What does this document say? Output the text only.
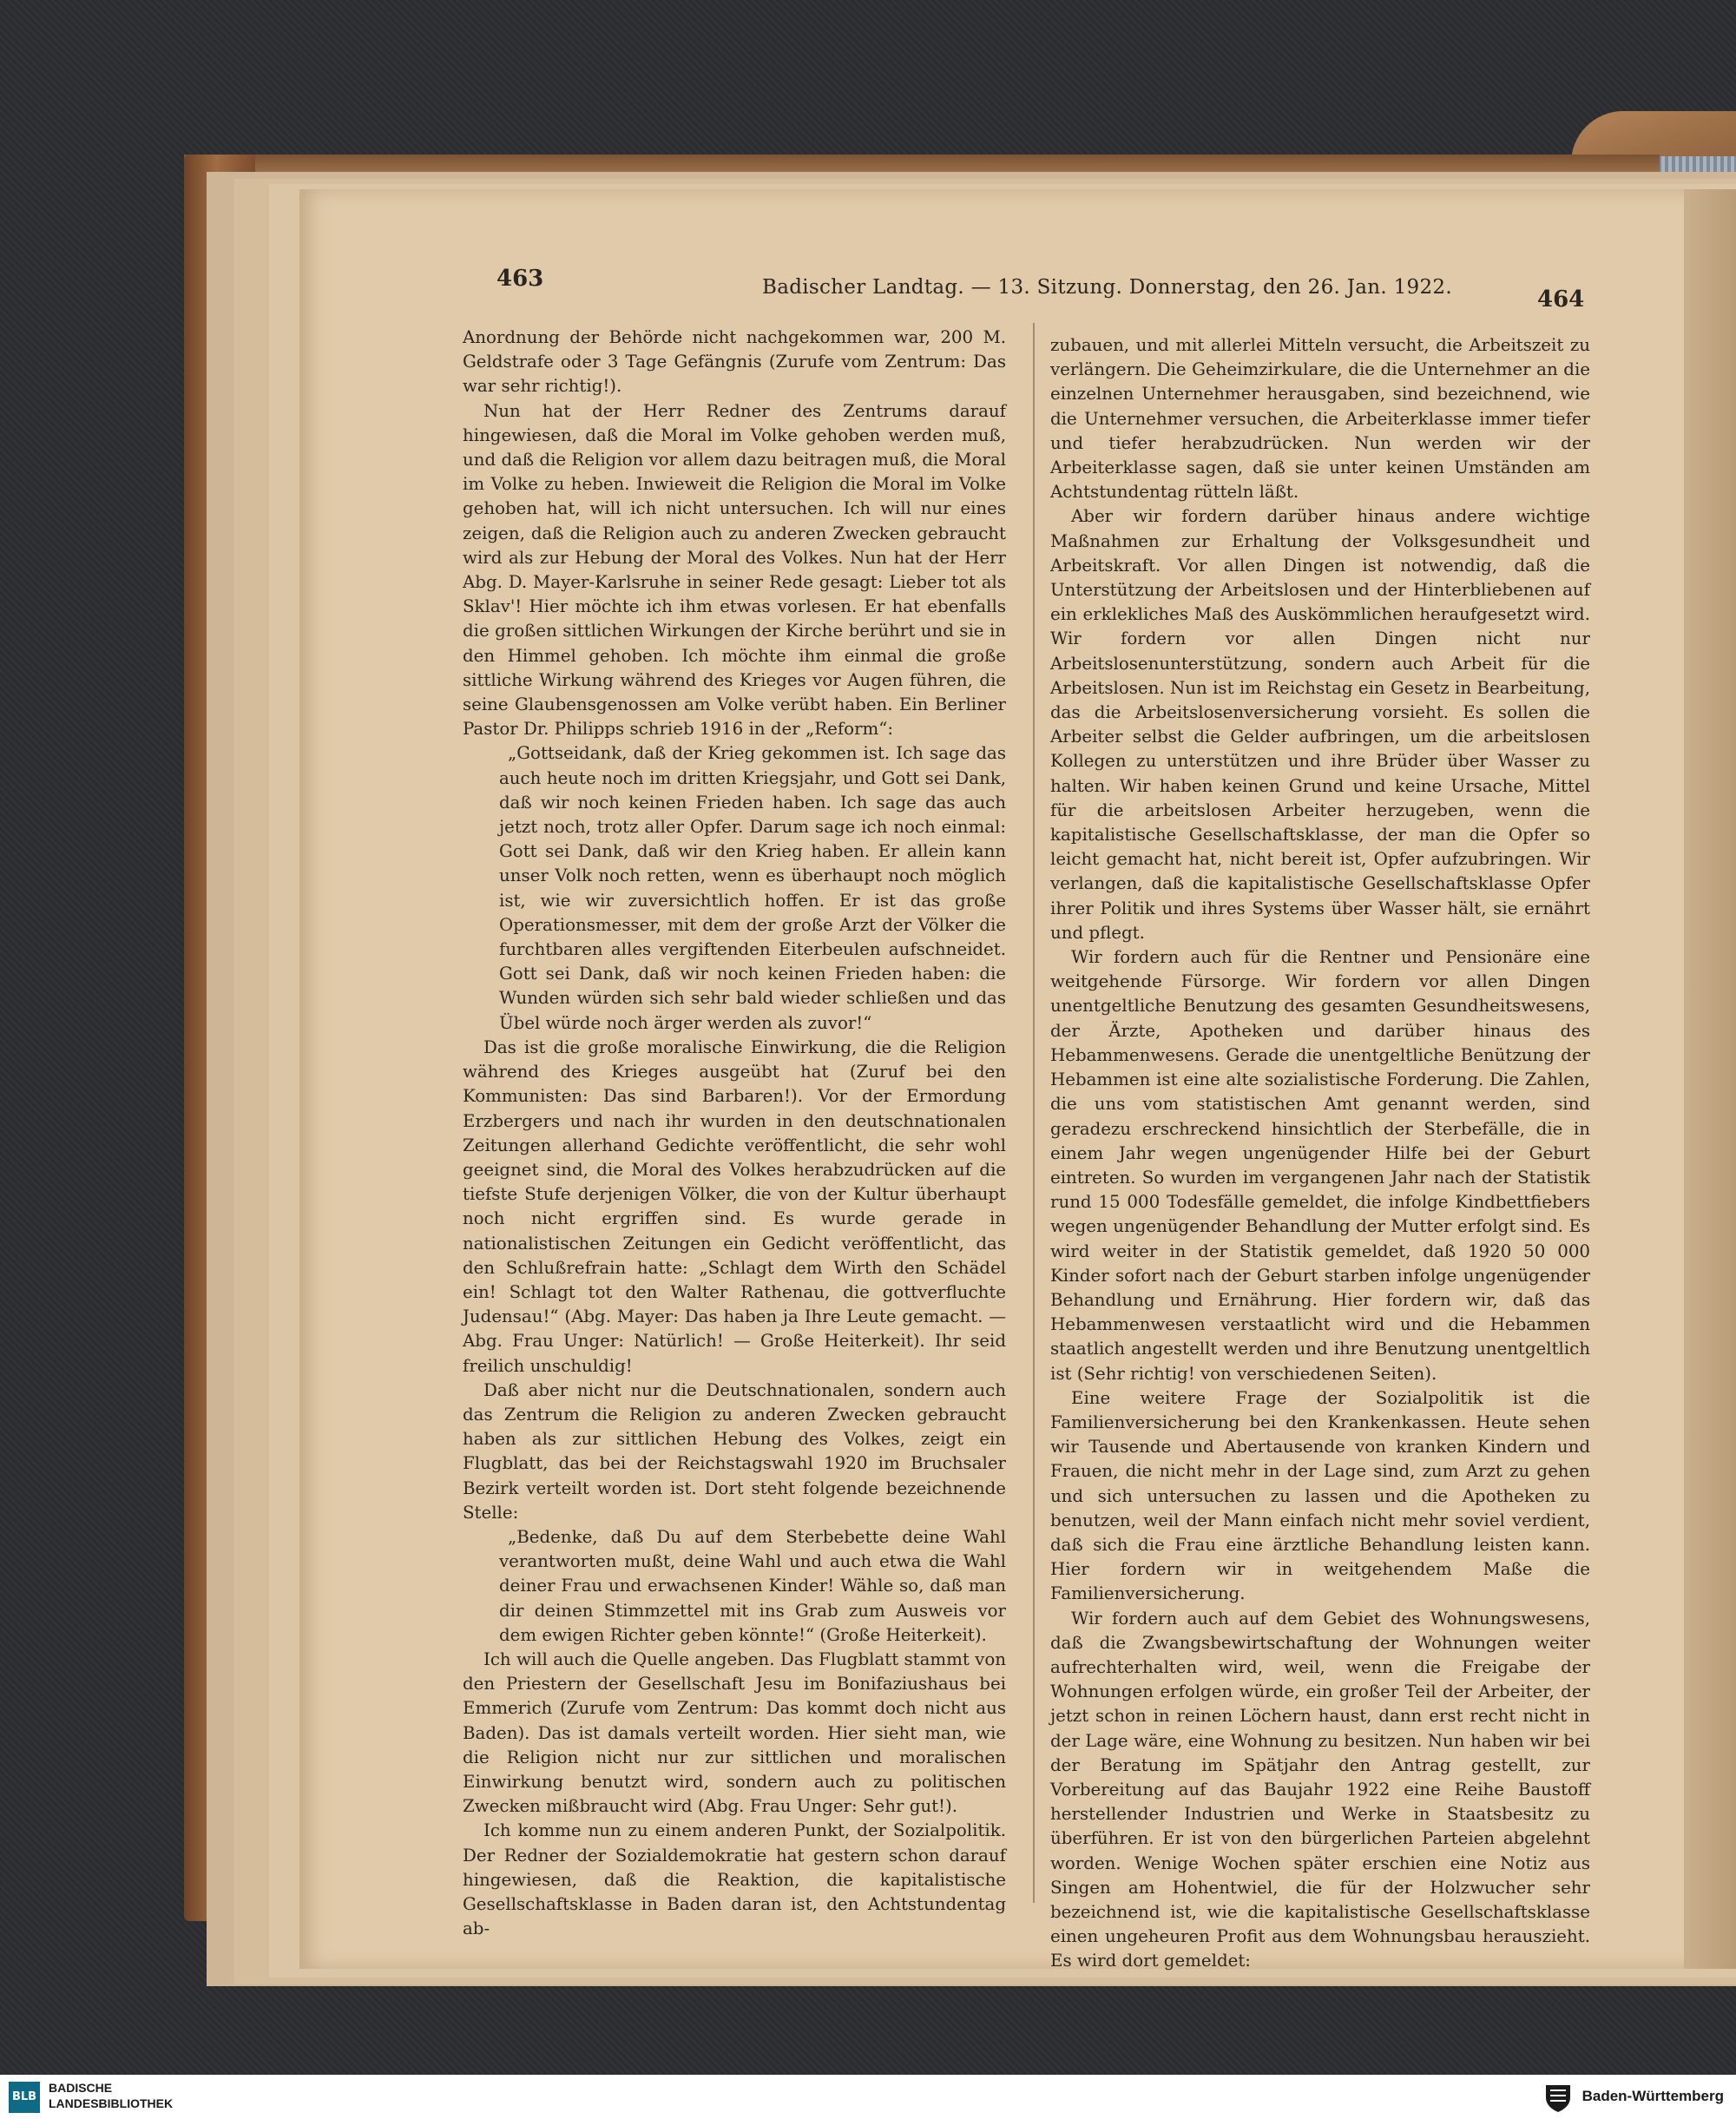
463	Badischer Landtag. — 13. Sitzung. Donnerstag, den 26. Jan. 1922.	464

Anordnung der Behörde nicht nachgekommen war, 200 M. Geldstrafe oder 3 Tage Gefängnis (Zurufe vom Zentrum: Das war sehr richtig!).

Nun hat der Herr Redner des Zentrums darauf hingewiesen, daß die Moral im Volke gehoben werden muß, und daß die Religion vor allem dazu beitragen muß, die Moral im Volke zu heben. Inwieweit die Religion die Moral im Volke gehoben hat, will ich nicht untersuchen. Ich will nur eines zeigen, daß die Religion auch zu anderen Zwecken gebraucht wird als zur Hebung der Moral des Volkes. Nun hat der Herr Abg. D. Mayer-Karlsruhe in seiner Rede gesagt: Lieber tot als Sklav'! Hier möchte ich ihm etwas vorlesen. Er hat ebenfalls die großen sittlichen Wirkungen der Kirche berührt und sie in den Himmel gehoben. Ich möchte ihm einmal die große sittliche Wirkung während des Krieges vor Augen führen, die seine Glaubensgenossen am Volke verübt haben. Ein Berliner Pastor Dr. Philipps schrieb 1916 in der „Reform“:

„Gottseidank, daß der Krieg gekommen ist. Ich sage das auch heute noch im dritten Kriegsjahr, und Gott sei Dank, daß wir noch keinen Frieden haben. Ich sage das auch jetzt noch, trotz aller Opfer. Darum sage ich noch einmal: Gott sei Dank, daß wir den Krieg haben. Er allein kann unser Volk noch retten, wenn es überhaupt noch möglich ist, wie wir zuversichtlich hoffen. Er ist das große Operationsmesser, mit dem der große Arzt der Völker die furchtbaren alles vergiftenden Eiterbeulen aufschneidet. Gott sei Dank, daß wir noch keinen Frieden haben: die Wunden würden sich sehr bald wieder schließen und das Übel würde noch ärger werden als zuvor!“

Das ist die große moralische Einwirkung, die die Religion während des Krieges ausgeübt hat (Zuruf bei den Kommunisten: Das sind Barbaren!). Vor der Ermordung Erzbergers und nach ihr wurden in den deutschnationalen Zeitungen allerhand Gedichte veröffentlicht, die sehr wohl geeignet sind, die Moral des Volkes herabzudrücken auf die tiefste Stufe derjenigen Völker, die von der Kultur überhaupt noch nicht ergriffen sind. Es wurde gerade in nationalistischen Zeitungen ein Gedicht veröffentlicht, das den Schlußrefrain hatte: „Schlagt dem Wirth den Schädel ein! Schlagt tot den Walter Rathenau, die gottverfluchte Judensau!“ (Abg. Mayer: Das haben ja Ihre Leute gemacht. — Abg. Frau Unger: Natürlich! — Große Heiterkeit). Ihr seid freilich unschuldig!

Daß aber nicht nur die Deutschnationalen, sondern auch das Zentrum die Religion zu anderen Zwecken gebraucht haben als zur sittlichen Hebung des Volkes, zeigt ein Flugblatt, das bei der Reichstagswahl 1920 im Bruchsaler Bezirk verteilt worden ist. Dort steht folgende bezeichnende Stelle:

„Bedenke, daß Du auf dem Sterbebette deine Wahl verantworten mußt, deine Wahl und auch etwa die Wahl deiner Frau und erwachsenen Kinder! Wähle so, daß man dir deinen Stimmzettel mit ins Grab zum Ausweis vor dem ewigen Richter geben könnte!“ (Große Heiterkeit).

Ich will auch die Quelle angeben. Das Flugblatt stammt von den Priestern der Gesellschaft Jesu im Bonifaziushaus bei Emmerich (Zurufe vom Zentrum: Das kommt doch nicht aus Baden). Das ist damals verteilt worden. Hier sieht man, wie die Religion nicht nur zur sittlichen und moralischen Einwirkung benutzt wird, sondern auch zu politischen Zwecken mißbraucht wird (Abg. Frau Unger: Sehr gut!).

Ich komme nun zu einem anderen Punkt, der Sozialpolitik. Der Redner der Sozialdemokratie hat gestern schon darauf hingewiesen, daß die Reaktion, die kapitalistische Gesellschaftsklasse in Baden daran ist, den Achtstundentag ab-

zubauen, und mit allerlei Mitteln versucht, die Arbeitszeit zu verlängern. Die Geheimzirkulare, die die Unternehmer an die einzelnen Unternehmer herausgaben, sind bezeichnend, wie die Unternehmer versuchen, die Arbeiterklasse immer tiefer und tiefer herabzudrücken. Nun werden wir der Arbeiterklasse sagen, daß sie unter keinen Umständen am Achtstundentag rütteln läßt.

Aber wir fordern darüber hinaus andere wichtige Maßnahmen zur Erhaltung der Volksgesundheit und Arbeitskraft. Vor allen Dingen ist notwendig, daß die Unterstützung der Arbeitslosen und der Hinterbliebenen auf ein erklekliches Maß des Auskömmlichen heraufgesetzt wird. Wir fordern vor allen Dingen nicht nur Arbeitslosenunterstützung, sondern auch Arbeit für die Arbeitslosen. Nun ist im Reichstag ein Gesetz in Bearbeitung, das die Arbeitslosenversicherung vorsieht. Es sollen die Arbeiter selbst die Gelder aufbringen, um die arbeitslosen Kollegen zu unterstützen und ihre Brüder über Wasser zu halten. Wir haben keinen Grund und keine Ursache, Mittel für die arbeitslosen Arbeiter herzugeben, wenn die kapitalistische Gesellschaftsklasse, der man die Opfer so leicht gemacht hat, nicht bereit ist, Opfer aufzubringen. Wir verlangen, daß die kapitalistische Gesellschaftsklasse Opfer ihrer Politik und ihres Systems über Wasser hält, sie ernährt und pflegt.

Wir fordern auch für die Rentner und Pensionäre eine weitgehende Fürsorge. Wir fordern vor allen Dingen unentgeltliche Benutzung des gesamten Gesundheitswesens, der Ärzte, Apotheken und darüber hinaus des Hebammenwesens. Gerade die unentgeltliche Benützung der Hebammen ist eine alte sozialistische Forderung. Die Zahlen, die uns vom statistischen Amt genannt werden, sind geradezu erschreckend hinsichtlich der Sterbefälle, die in einem Jahr wegen ungenügender Hilfe bei der Geburt eintreten. So wurden im vergangenen Jahr nach der Statistik rund 15 000 Todesfälle gemeldet, die infolge Kindbettfiebers wegen ungenügender Behandlung der Mutter erfolgt sind. Es wird weiter in der Statistik gemeldet, daß 1920 50 000 Kinder sofort nach der Geburt starben infolge ungenügender Behandlung und Ernährung. Hier fordern wir, daß das Hebammenwesen verstaatlicht wird und die Hebammen staatlich angestellt werden und ihre Benutzung unentgeltlich ist (Sehr richtig! von verschiedenen Seiten).

Eine weitere Frage der Sozialpolitik ist die Familienversicherung bei den Krankenkassen. Heute sehen wir Tausende und Abertausende von kranken Kindern und Frauen, die nicht mehr in der Lage sind, zum Arzt zu gehen und sich untersuchen zu lassen und die Apotheken zu benutzen, weil der Mann einfach nicht mehr soviel verdient, daß sich die Frau eine ärztliche Behandlung leisten kann. Hier fordern wir in weitgehendem Maße die Familienversicherung.

Wir fordern auch auf dem Gebiet des Wohnungswesens, daß die Zwangsbewirtschaftung der Wohnungen weiter aufrechterhalten wird, weil, wenn die Freigabe der Wohnungen erfolgen würde, ein großer Teil der Arbeiter, der jetzt schon in reinen Löchern haust, dann erst recht nicht in der Lage wäre, eine Wohnung zu besitzen. Nun haben wir bei der Beratung im Spätjahr den Antrag gestellt, zur Vorbereitung auf das Baujahr 1922 eine Reihe Baustoff herstellender Industrien und Werke in Staatsbesitz zu überführen. Er ist von den bürgerlichen Parteien abgelehnt worden. Wenige Wochen später erschien eine Notiz aus Singen am Hohentwiel, die für der Holzwucher sehr bezeichnend ist, wie die kapitalistische Gesellschaftsklasse einen ungeheuren Profit aus dem Wohnungsbau herauszieht. Es wird dort gemeldet:

BLB
BADISCHE
LANDESBIBLIOTHEK	Baden-Württemberg
